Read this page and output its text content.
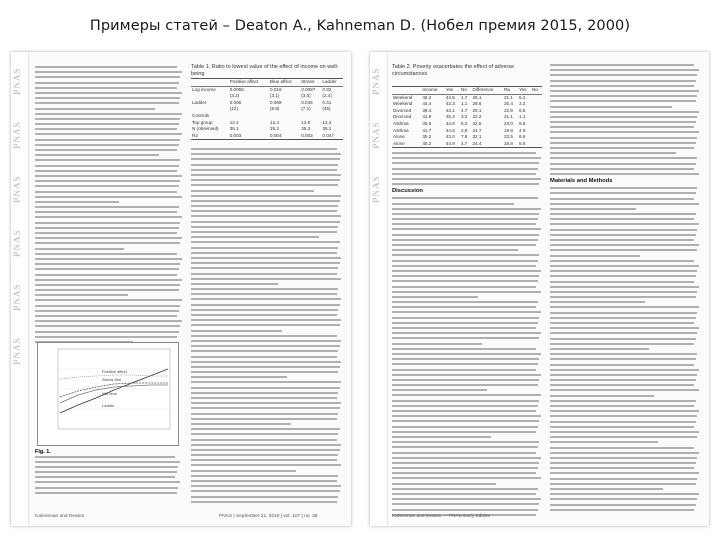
Примеры статей – Deaton A., Kahneman D. (Нобел премия 2015, 2000)
PNAS
PNAS
PNAS
PNAS
PNAS
PNAS
Positive affect
Not blue
Stress free
Ladder
Fig. 1.
Table 1. Ratio to lowest value of the effect of income on well-being
	Positive affect	Blue affect	Stress	Ladder
Log income	0.0058	0.016	0.0087	0.32
	(3.2)	(3.1)	(3.0)	(2.4)
Ladder	0.098	0.069	0.045	0.41
	(12)	(8.8)	(7.1)	(45)
Controls				
Top group	12.4	12.4	12.5	12.4
N (observed)	35.1	35.2	35.3	35.1
R2	0.003	0.004	0.003	0.047
Kahneman and Deaton	PNAS | September 21, 2010 | vol. 107 | no. 38
PNAS
PNAS
PNAS
Table 2. Poverty exacerbates the effect of adverse circumstances
	Income	Yes	No	Difference	Ra	Yes	No
Weekend	46.2	44.5	1.7	26.1	21.1	5.2	
Weekend	44.4	43.3	1.1	28.6	25.4	3.2	
Divorced	38.4	43.1	4.7	29.1	22.6	6.5	
Divorced	41.9	45.2	3.3	22.2	21.1	1.1	
Asthma	39.6	44.8	5.2	32.5	23.0	9.5	
Asthma	41.7	44.6	2.9	24.7	19.8	4.9	
Alone	35.2	43.0	7.8	32.1	23.5	8.6	
Alone	40.2	44.9	4.7	24.4	18.8	5.6	
Discussion
Materials and Methods
Kahneman and Deaton — PNAS Early Edition
